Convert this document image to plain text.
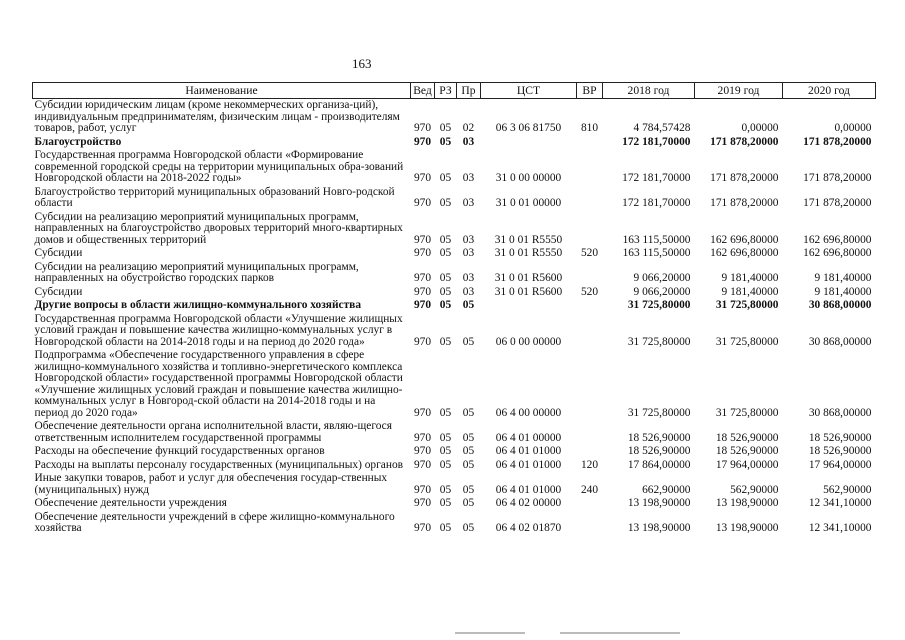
163
Наименование	Вед	РЗ	Пр	ЦСТ	ВР	2018 год	2019 год	2020 год
Субсидии юридическим лицам (кроме некоммерческих организа-ций), индивидуальным предпринимателям, физическим лицам - производителям товаров, работ, услуг	970	05	02	06 3 06 81750	810	4 784,57428	0,00000	0,00000
Благоустройство	970	05	03			172 181,70000	171 878,20000	171 878,20000
Государственная программа Новгородской области «Формирование современной городской среды на территории муниципальных обра-зований Новгородской области на 2018-2022 годы»	970	05	03	31 0 00 00000		172 181,70000	171 878,20000	171 878,20000
Благоустройство территорий муниципальных образований Новго-родской области	970	05	03	31 0 01 00000		172 181,70000	171 878,20000	171 878,20000
Субсидии на реализацию мероприятий муниципальных программ, направленных на благоустройство дворовых территорий много-квартирных домов и общественных территорий	970	05	03	31 0 01 R5550		163 115,50000	162 696,80000	162 696,80000
Субсидии	970	05	03	31 0 01 R5550	520	163 115,50000	162 696,80000	162 696,80000
Субсидии на реализацию мероприятий муниципальных программ, направленных на обустройство городских парков	970	05	03	31 0 01 R5600		9 066,20000	9 181,40000	9 181,40000
Субсидии	970	05	03	31 0 01 R5600	520	9 066,20000	9 181,40000	9 181,40000
Другие вопросы в области жилищно-коммунального хозяйства	970	05	05			31 725,80000	31 725,80000	30 868,00000
Государственная программа Новгородской области «Улучшение жилищных условий граждан и повышение качества жилищно-коммунальных услуг в Новгородской области на 2014-2018 годы и на период до 2020 года»	970	05	05	06 0 00 00000		31 725,80000	31 725,80000	30 868,00000
Подпрограмма «Обеспечение государственного управления в сфере жилищно-коммунального хозяйства и топливно-энергетического комплекса Новгородской области» государственной программы Новгородской области «Улучшение жилищных условий граждан и повышение качества жилищно-коммунальных услуг в Новгород-ской области на 2014-2018 годы и на период до 2020 года»	970	05	05	06 4 00 00000		31 725,80000	31 725,80000	30 868,00000
Обеспечение деятельности органа исполнительной власти, являю-щегося ответственным исполнителем государственной программы	970	05	05	06 4 01 00000		18 526,90000	18 526,90000	18 526,90000
Расходы на обеспечение функций государственных органов	970	05	05	06 4 01 01000		18 526,90000	18 526,90000	18 526,90000
Расходы на выплаты персоналу государственных (муниципальных) органов	970	05	05	06 4 01 01000	120	17 864,00000	17 964,00000	17 964,00000
Иные закупки товаров, работ и услуг для обеспечения государ-ственных (муниципальных) нужд	970	05	05	06 4 01 01000	240	662,90000	562,90000	562,90000
Обеспечение деятельности учреждения	970	05	05	06 4 02 00000		13 198,90000	13 198,90000	12 341,10000
Обеспечение деятельности учреждений в сфере жилищно-коммунального хозяйства	970	05	05	06 4 02 01870		13 198,90000	13 198,90000	12 341,10000
